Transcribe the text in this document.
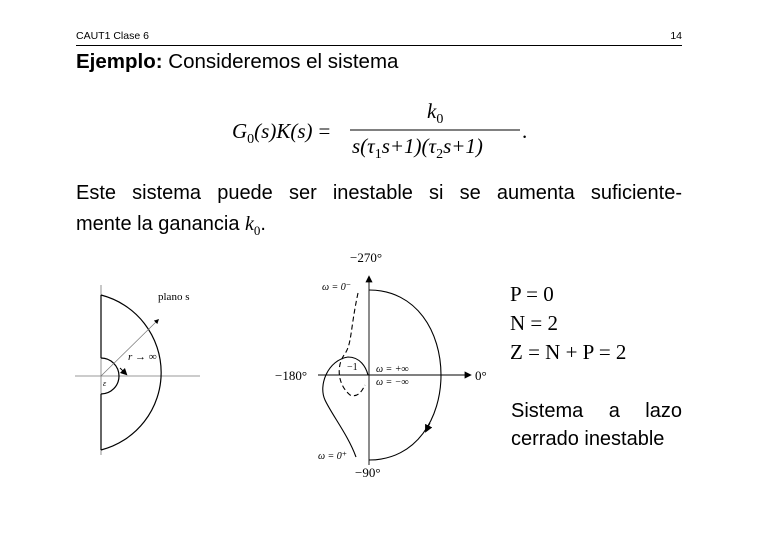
CAUT1 Clase 6	14
Ejemplo: Consideremos el sistema
$G_0(s)K(s)$ =
$k_0$
$s(\tau_1s+1)(\tau_2s+1)$
.
Este sistema puede ser inestable si se aumenta suficiente-
mente la ganancia $k_0$.
plano s
r → ∞
ε
−270°
−90°
−180°	0°
ω = 0⁻
ω = 0⁺
−1 ω = +∞
ω = −∞
P = 0
N = 2
Z = N + P = 2
Sistema a lazo
cerrado inestable
